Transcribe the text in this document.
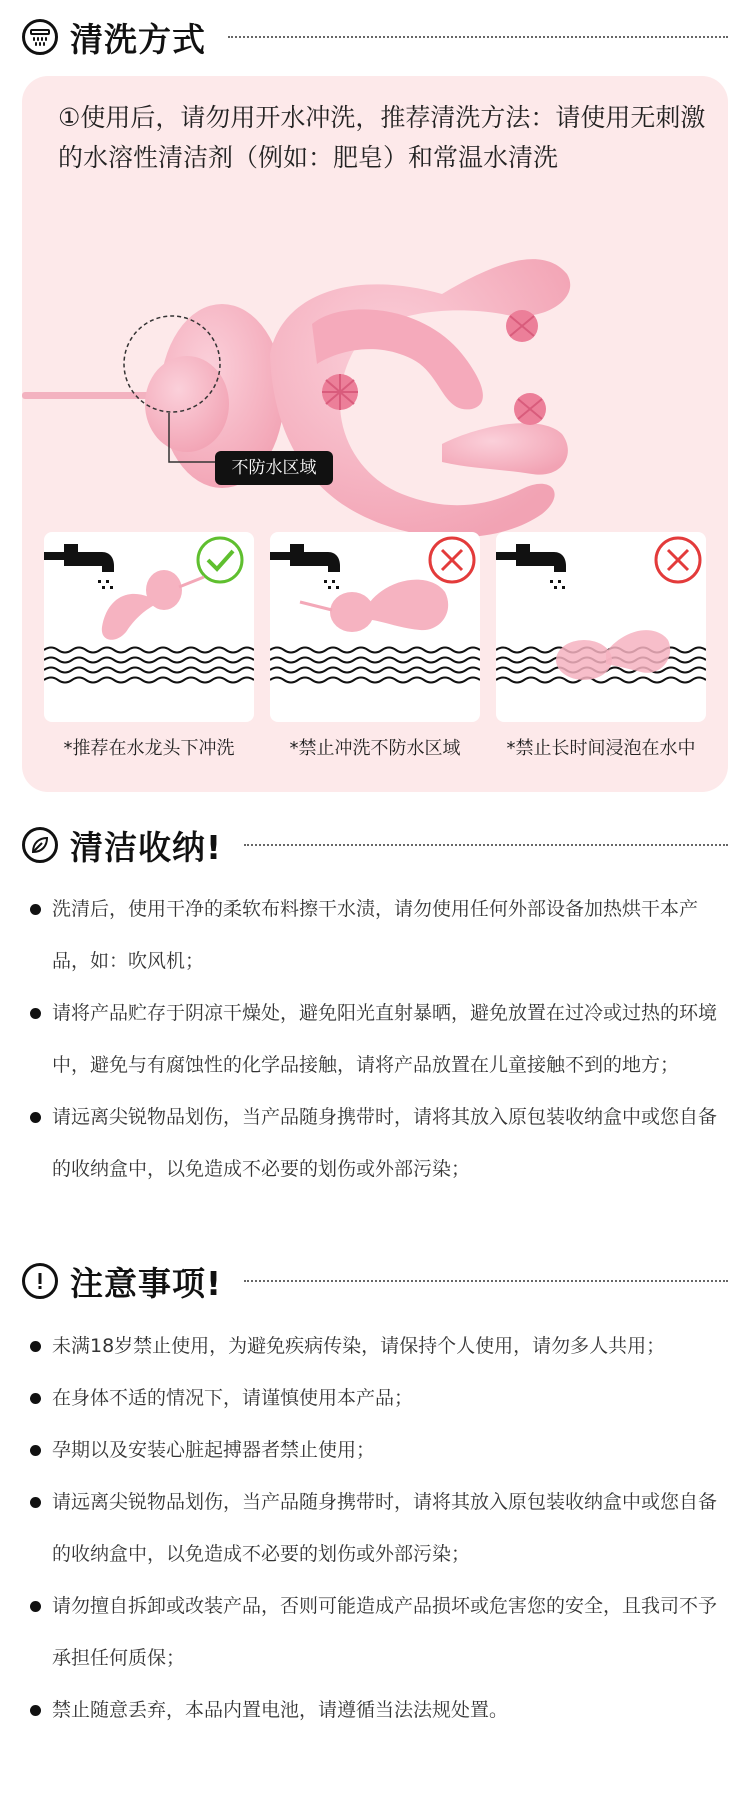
清洗方式

①使用后，请勿用开水冲洗，推荐清洗方法：请使用无刺激的水溶性清洁剂（例如：肥皂）和常温水清洗

不防水区域
*推荐在水龙头下冲洗	*禁止冲洗不防水区域	*禁止长时间浸泡在水中
清洁收纳!
洗清后，使用干净的柔软布料擦干水渍，请勿使用任何外部设备加热烘干本产品，如：吹风机；
请将产品贮存于阴凉干燥处，避免阳光直射暴晒，避免放置在过冷或过热的环境中，避免与有腐蚀性的化学品接触，请将产品放置在儿童接触不到的地方；
请远离尖锐物品划伤，当产品随身携带时，请将其放入原包装收纳盒中或您自备的收纳盒中，以免造成不必要的划伤或外部污染；
注意事项!
未满18岁禁止使用，为避免疾病传染，请保持个人使用，请勿多人共用；
在身体不适的情况下，请谨慎使用本产品；
孕期以及安装心脏起搏器者禁止使用；
请远离尖锐物品划伤，当产品随身携带时，请将其放入原包装收纳盒中或您自备的收纳盒中，以免造成不必要的划伤或外部污染；
请勿擅自拆卸或改装产品，否则可能造成产品损坏或危害您的安全，且我司不予承担任何质保；
禁止随意丢弃，本品内置电池，请遵循当法法规处置。
